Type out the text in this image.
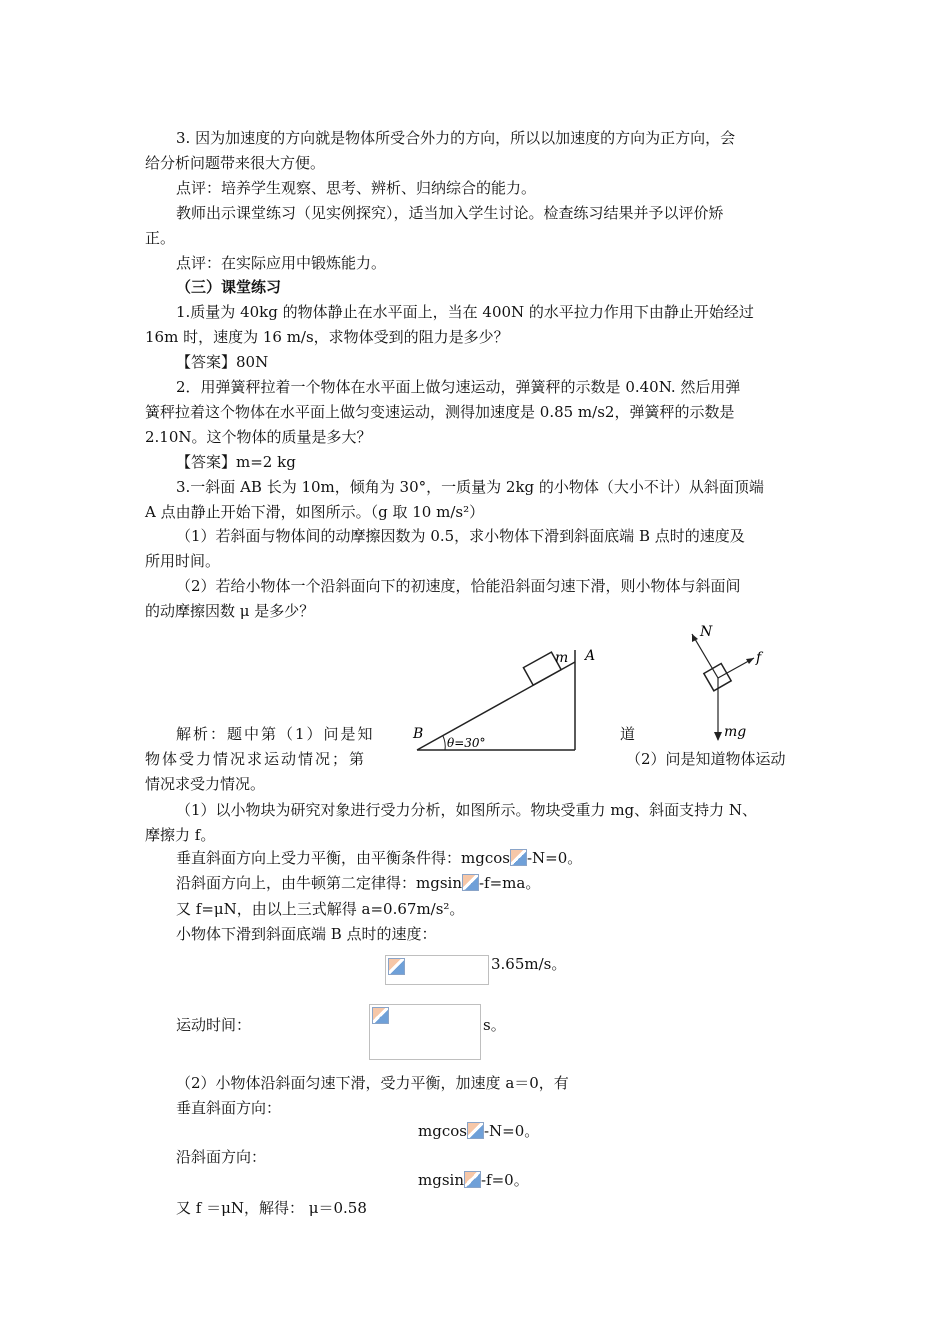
3. 因为加速度的方向就是物体所受合外力的方向，所以以加速度的方向为正方向，会
给分析问题带来很大方便。
点评：培养学生观察、思考、辨析、归纳综合的能力。
教师出示课堂练习（见实例探究），适当加入学生讨论。检查练习结果并予以评价矫
正。
点评：在实际应用中锻炼能力。
（三）课堂练习
1.质量为 40kg 的物体静止在水平面上，当在 400N 的水平拉力作用下由静止开始经过
16m 时，速度为 16 m/s，求物体受到的阻力是多少？
【答案】80N
2．用弹簧秤拉着一个物体在水平面上做匀速运动，弹簧秤的示数是 0.40N. 然后用弹
簧秤拉着这个物体在水平面上做匀变速运动，测得加速度是 0.85 m/s2，弹簧秤的示数是
2.10N。这个物体的质量是多大？
【答案】m=2 kg
3.一斜面 AB 长为 10m，倾角为 30°，一质量为 2kg 的小物体（大小不计）从斜面顶端
A 点由静止开始下滑，如图所示。（g 取 10 m/s²）
（1）若斜面与物体间的动摩擦因数为 0.5，求小物体下滑到斜面底端 B 点时的速度及
所用时间。
（2）若给小物体一个沿斜面向下的初速度，恰能沿斜面匀速下滑，则小物体与斜面间
的动摩擦因数 μ 是多少？
m A
B
θ=30°
N
f
mg
解析：题中第（1）问是知	道
物体受力情况求运动情况；第	（2）问是知道物体运动
情况求受力情况。
（1）以小物块为研究对象进行受力分析，如图所示。物块受重力 mg、斜面支持力 N、
摩擦力 f。
垂直斜面方向上受力平衡，由平衡条件得：mgcos -N=0。
沿斜面方向上，由牛顿第二定律得：mgsin -f=ma。
又 f=μN，由以上三式解得 a=0.67m/s²。
小物体下滑到斜面底端 B 点时的速度：
3.65m/s。
运动时间：	s。
（2）小物体沿斜面匀速下滑，受力平衡，加速度 a＝0，有
垂直斜面方向：
mgcos -N=0。
沿斜面方向：
mgsin -f=0。
又 f ＝μN，解得： μ＝0.58
